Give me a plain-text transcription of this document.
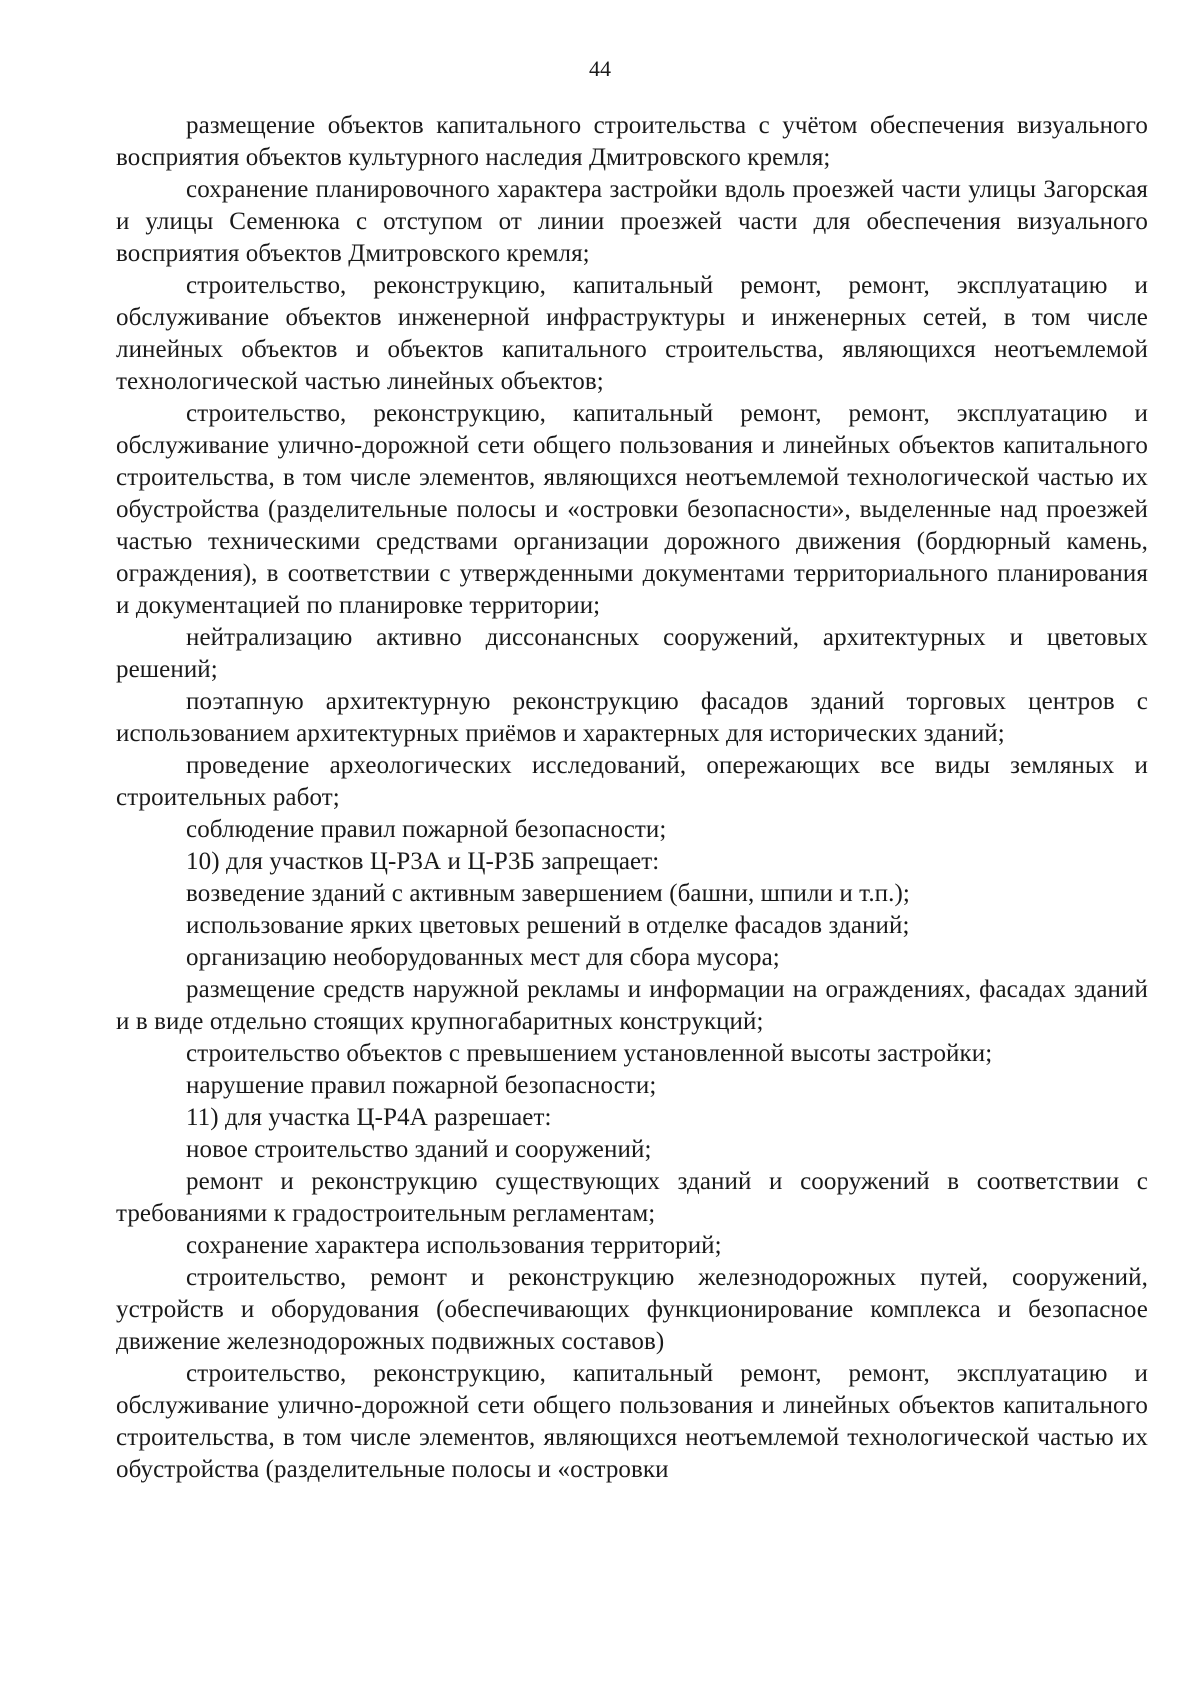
44

размещение объектов капитального строительства с учётом обеспечения визуального восприятия объектов культурного наследия Дмитровского кремля;

сохранение планировочного характера застройки вдоль проезжей части улицы Загорская и улицы Семенюка с отступом от линии проезжей части для обеспечения визуального восприятия объектов Дмитровского кремля;

строительство, реконструкцию, капитальный ремонт, ремонт, эксплуатацию и обслуживание объектов инженерной инфраструктуры и инженерных сетей, в том числе линейных объектов и объектов капитального строительства, являющихся неотъемлемой технологической частью линейных объектов;

строительство, реконструкцию, капитальный ремонт, ремонт, эксплуатацию и обслуживание улично-дорожной сети общего пользования и линейных объектов капитального строительства, в том числе элементов, являющихся неотъемлемой технологической частью их обустройства (разделительные полосы и «островки безопасности», выделенные над проезжей частью техническими средствами организации дорожного движения (бордюрный камень, ограждения), в соответствии с утвержденными документами территориального планирования и документацией по планировке территории;

нейтрализацию активно диссонансных сооружений, архитектурных и цветовых решений;

поэтапную архитектурную реконструкцию фасадов зданий торговых центров с использованием архитектурных приёмов и характерных для исторических зданий;

проведение археологических исследований, опережающих все виды земляных и строительных работ;

соблюдение правил пожарной безопасности;

10) для участков Ц-Р3А и Ц-Р3Б запрещает:

возведение зданий с активным завершением (башни, шпили и т.п.);

использование ярких цветовых решений в отделке фасадов зданий;

организацию необорудованных мест для сбора мусора;

размещение средств наружной рекламы и информации на ограждениях, фасадах зданий и в виде отдельно стоящих крупногабаритных конструкций;

строительство объектов с превышением установленной высоты застройки;

нарушение правил пожарной безопасности;

11) для участка Ц-Р4А разрешает:

новое строительство зданий и сооружений;

ремонт и реконструкцию существующих зданий и сооружений в соответствии с требованиями к градостроительным регламентам;

сохранение характера использования территорий;

строительство, ремонт и реконструкцию железнодорожных путей, сооружений, устройств и оборудования (обеспечивающих функционирование комплекса и безопасное движение железнодорожных подвижных составов)

строительство, реконструкцию, капитальный ремонт, ремонт, эксплуатацию и обслуживание улично-дорожной сети общего пользования и линейных объектов капитального строительства, в том числе элементов, являющихся неотъемлемой технологической частью их обустройства (разделительные полосы и «островки
